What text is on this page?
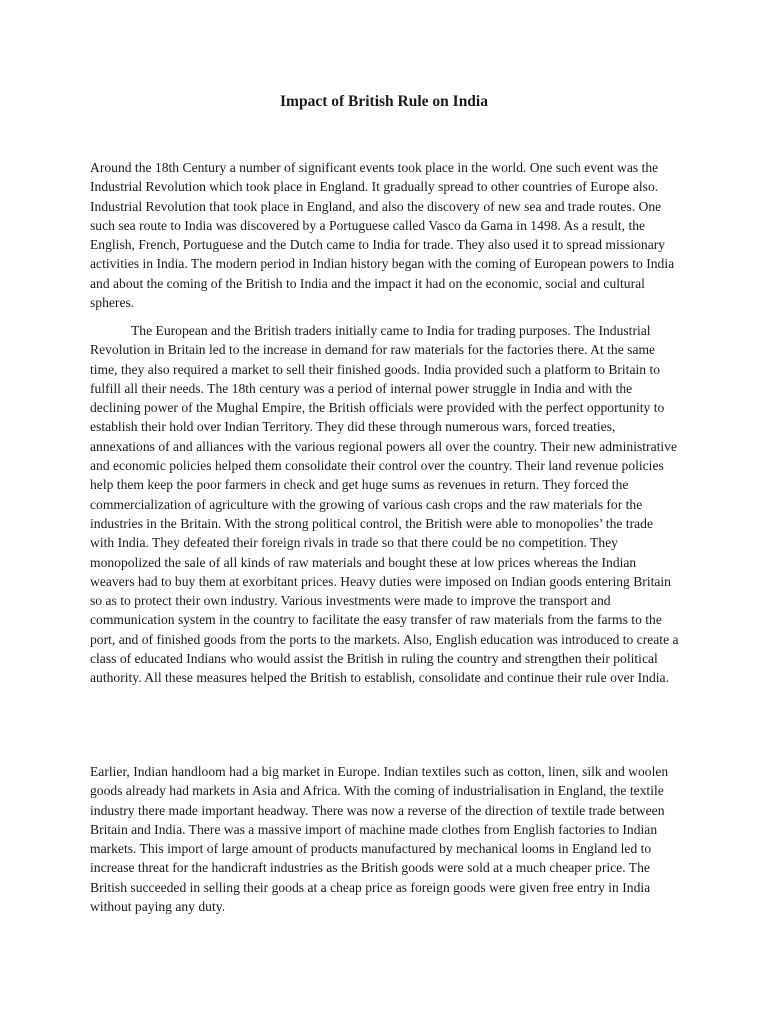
Impact of British Rule on India

Around the 18th Century a number of significant events took place in the world. One such event was the Industrial Revolution which took place in England. It gradually spread to other countries of Europe also. Industrial Revolution that took place in England, and also the discovery of new sea and trade routes. One such sea route to India was discovered by a Portuguese called Vasco da Gama in 1498. As a result, the English, French, Portuguese and the Dutch came to India for trade. They also used it to spread missionary activities in India. The modern period in Indian history began with the coming of European powers to India and about the coming of the British to India and the impact it had on the economic, social and cultural spheres.

The European and the British traders initially came to India for trading purposes. The Industrial Revolution in Britain led to the increase in demand for raw materials for the factories there. At the same time, they also required a market to sell their finished goods. India provided such a platform to Britain to fulfill all their needs. The 18th century was a period of internal power struggle in India and with the declining power of the Mughal Empire, the British officials were provided with the perfect opportunity to establish their hold over Indian Territory. They did these through numerous wars, forced treaties, annexations of and alliances with the various regional powers all over the country. Their new administrative and economic policies helped them consolidate their control over the country. Their land revenue policies help them keep the poor farmers in check and get huge sums as revenues in return. They forced the commercialization of agriculture with the growing of various cash crops and the raw materials for the industries in the Britain. With the strong political control, the British were able to monopolies’ the trade with India. They defeated their foreign rivals in trade so that there could be no competition. They monopolized the sale of all kinds of raw materials and bought these at low prices whereas the Indian weavers had to buy them at exorbitant prices. Heavy duties were imposed on Indian goods entering Britain so as to protect their own industry. Various investments were made to improve the transport and communication system in the country to facilitate the easy transfer of raw materials from the farms to the port, and of finished goods from the ports to the markets. Also, English education was introduced to create a class of educated Indians who would assist the British in ruling the country and strengthen their political authority. All these measures helped the British to establish, consolidate and continue their rule over India.

Earlier, Indian handloom had a big market in Europe. Indian textiles such as cotton, linen, silk and woolen goods already had markets in Asia and Africa. With the coming of industrialisation in England, the textile industry there made important headway. There was now a reverse of the direction of textile trade between Britain and India. There was a massive import of machine made clothes from English factories to Indian markets. This import of large amount of products manufactured by mechanical looms in England led to increase threat for the handicraft industries as the British goods were sold at a much cheaper price. The British succeeded in selling their goods at a cheap price as foreign goods were given free entry in India without paying any duty.
